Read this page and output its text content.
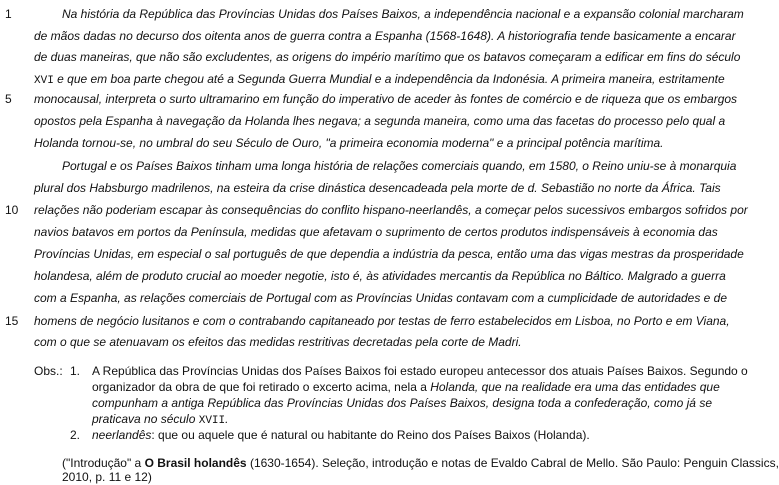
1
5
10
15
Na história da República das Províncias Unidas dos Países Baixos, a independência nacional e a expansão colonial marcharam
de mãos dadas no decurso dos oitenta anos de guerra contra a Espanha (1568-1648). A historiografia tende basicamente a encarar
de duas maneiras, que não são excludentes, as origens do império marítimo que os batavos começaram a edificar em fins do século
XVI e que em boa parte chegou até a Segunda Guerra Mundial e a independência da Indonésia. A primeira maneira, estritamente
monocausal, interpreta o surto ultramarino em função do imperativo de aceder às fontes de comércio e de riqueza que os embargos
opostos pela Espanha à navegação da Holanda lhes negava; a segunda maneira, como uma das facetas do processo pelo qual a
Holanda tornou-se, no umbral do seu Século de Ouro, "a primeira economia moderna" e a principal potência marítima.
Portugal e os Países Baixos tinham uma longa história de relações comerciais quando, em 1580, o Reino uniu-se à monarquia
plural dos Habsburgo madrilenos, na esteira da crise dinástica desencadeada pela morte de d. Sebastião no norte da África. Tais
relações não poderiam escapar às consequências do conflito hispano-neerlandês, a começar pelos sucessivos embargos sofridos por
navios batavos em portos da Península, medidas que afetavam o suprimento de certos produtos indispensáveis à economia das
Províncias Unidas, em especial o sal português de que dependia a indústria da pesca, então uma das vigas mestras da prosperidade
holandesa, além de produto crucial ao moeder negotie, isto é, às atividades mercantis da República no Báltico. Malgrado a guerra
com a Espanha, as relações comerciais de Portugal com as Províncias Unidas contavam com a cumplicidade de autoridades e de
homens de negócio lusitanos e com o contrabando capitaneado por testas de ferro estabelecidos em Lisboa, no Porto e em Viana,
com o que se atenuavam os efeitos das medidas restritivas decretadas pela corte de Madri.
Obs.: 1. A República das Províncias Unidas dos Países Baixos foi estado europeu antecessor dos atuais Países Baixos. Segundo o
organizador da obra de que foi retirado o excerto acima, nela a Holanda, que na realidade era uma das entidades que
compunham a antiga República das Províncias Unidas dos Países Baixos, designa toda a confederação, como já se
praticava no século XVII.
2. neerlandês: que ou aquele que é natural ou habitante do Reino dos Países Baixos (Holanda).
("Introdução" a O Brasil holandês (1630-1654). Seleção, introdução e notas de Evaldo Cabral de Mello. São Paulo: Penguin Classics,
2010, p. 11 e 12)
